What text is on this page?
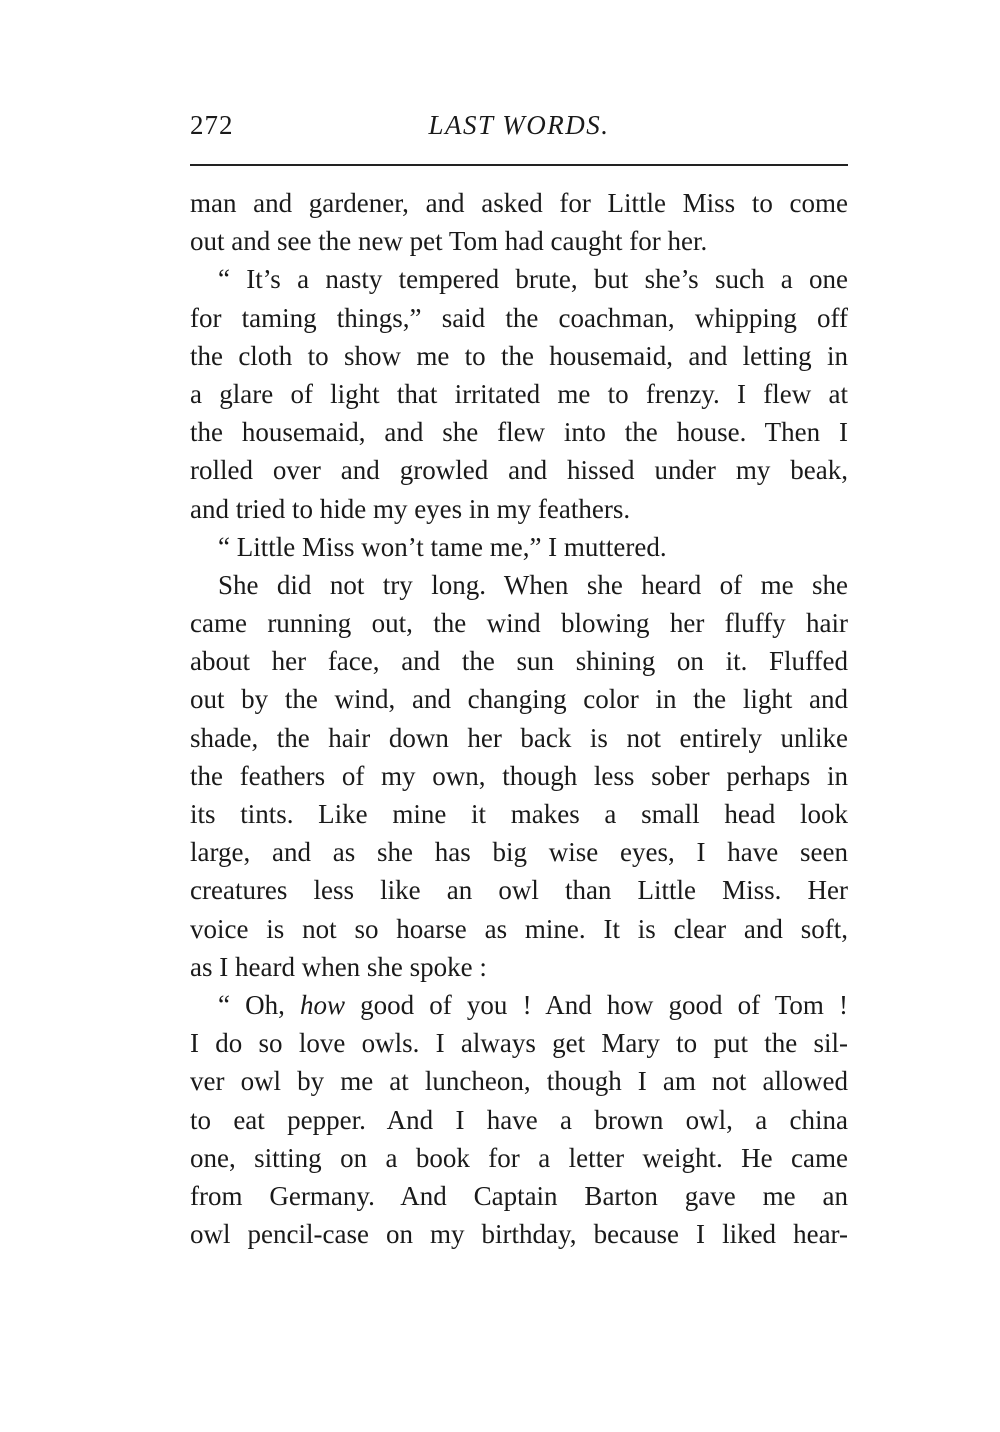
272	LAST WORDS.
man and gardener, and asked for Little Miss to come
out and see the new pet Tom had caught for her.
“ It’s a nasty tempered brute, but she’s such a one
for taming things,” said the coachman, whipping off
the cloth to show me to the housemaid, and letting in
a glare of light that irritated me to frenzy. I flew at
the housemaid, and she flew into the house. Then I
rolled over and growled and hissed under my beak,
and tried to hide my eyes in my feathers.
“ Little Miss won’t tame me,” I muttered.
She did not try long. When she heard of me she
came running out, the wind blowing her fluffy hair
about her face, and the sun shining on it. Fluffed
out by the wind, and changing color in the light and
shade, the hair down her back is not entirely unlike
the feathers of my own, though less sober perhaps in
its tints. Like mine it makes a small head look
large, and as she has big wise eyes, I have seen
creatures less like an owl than Little Miss. Her
voice is not so hoarse as mine. It is clear and soft,
as I heard when she spoke :
“ Oh, how good of you ! And how good of Tom !
I do so love owls. I always get Mary to put the sil-
ver owl by me at luncheon, though I am not allowed
to eat pepper. And I have a brown owl, a china
one, sitting on a book for a letter weight. He came
from Germany. And Captain Barton gave me an
owl pencil-case on my birthday, because I liked hear-
